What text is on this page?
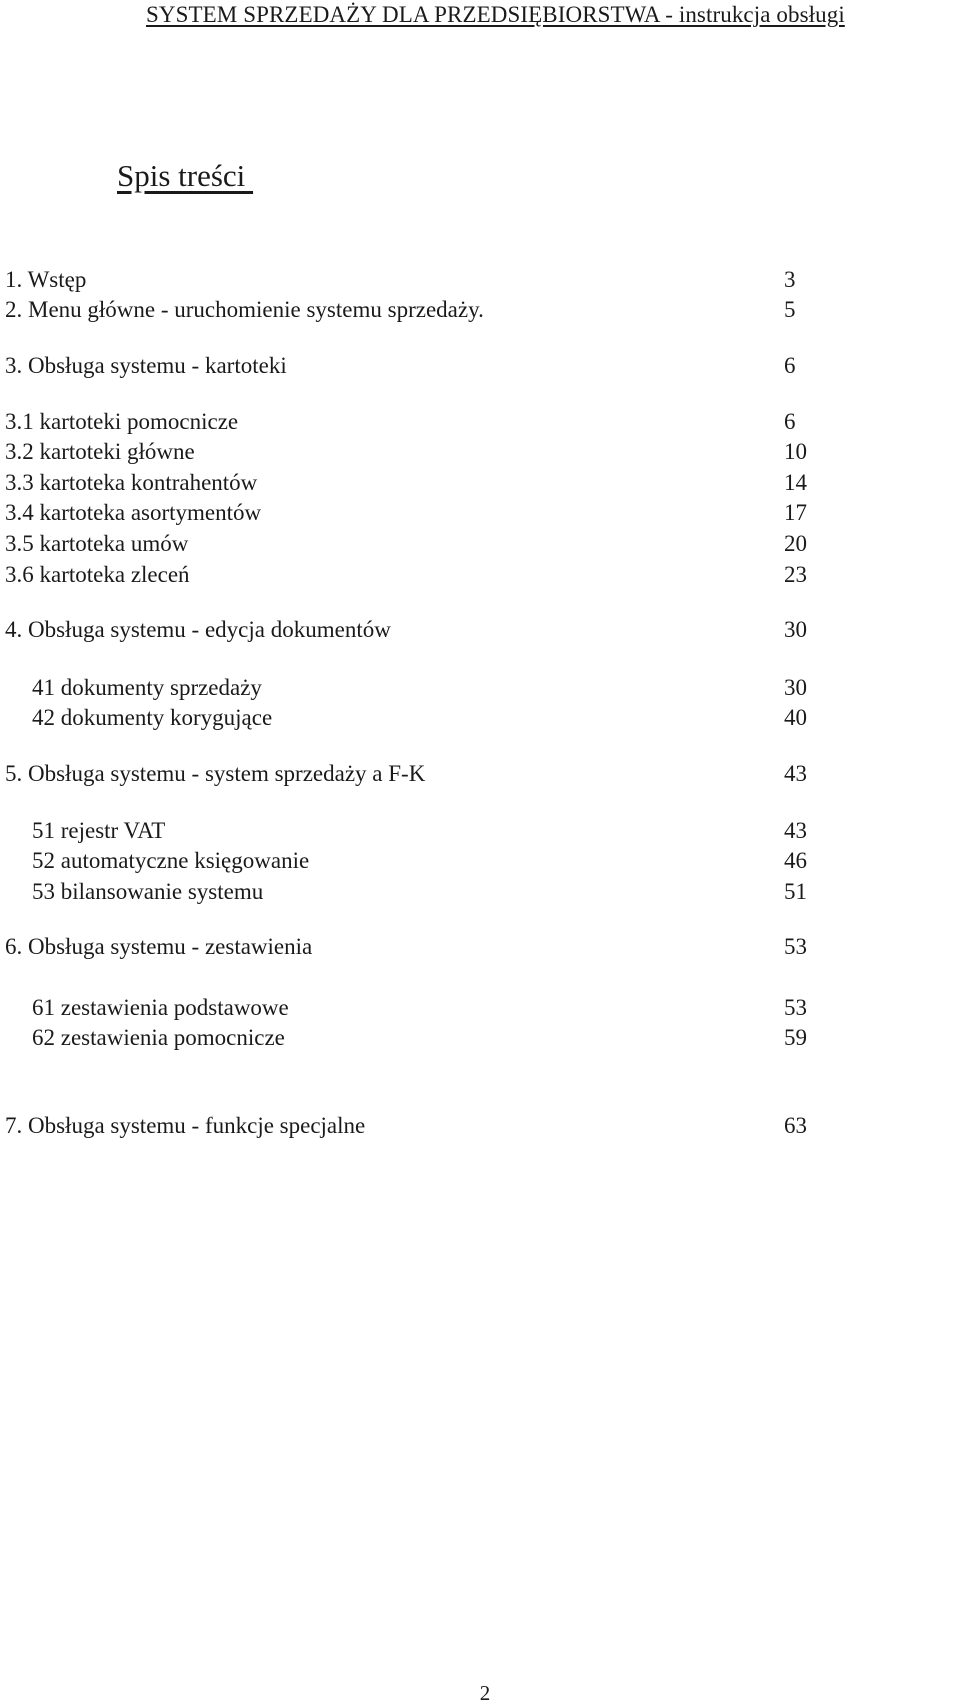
SYSTEM SPRZEDAŻY DLA PRZEDSIĘBIORSTWA - instrukcja obsługi
Spis treści
1. Wstęp	3
2. Menu główne - uruchomienie systemu sprzedaży.	5
3. Obsługa systemu - kartoteki	6
3.1 kartoteki pomocnicze	6
3.2 kartoteki główne	10
3.3 kartoteka kontrahentów	14
3.4 kartoteka asortymentów	17
3.5 kartoteka umów	20
3.6 kartoteka zleceń	23
4. Obsługa systemu - edycja dokumentów	30
41 dokumenty sprzedaży	30
42 dokumenty korygujące	40
5. Obsługa systemu - system sprzedaży a F-K	43
51 rejestr VAT	43
52 automatyczne księgowanie	46
53 bilansowanie systemu	51
6. Obsługa systemu - zestawienia	53
61 zestawienia podstawowe	53
62 zestawienia pomocnicze	59
7. Obsługa systemu - funkcje specjalne	63
2
